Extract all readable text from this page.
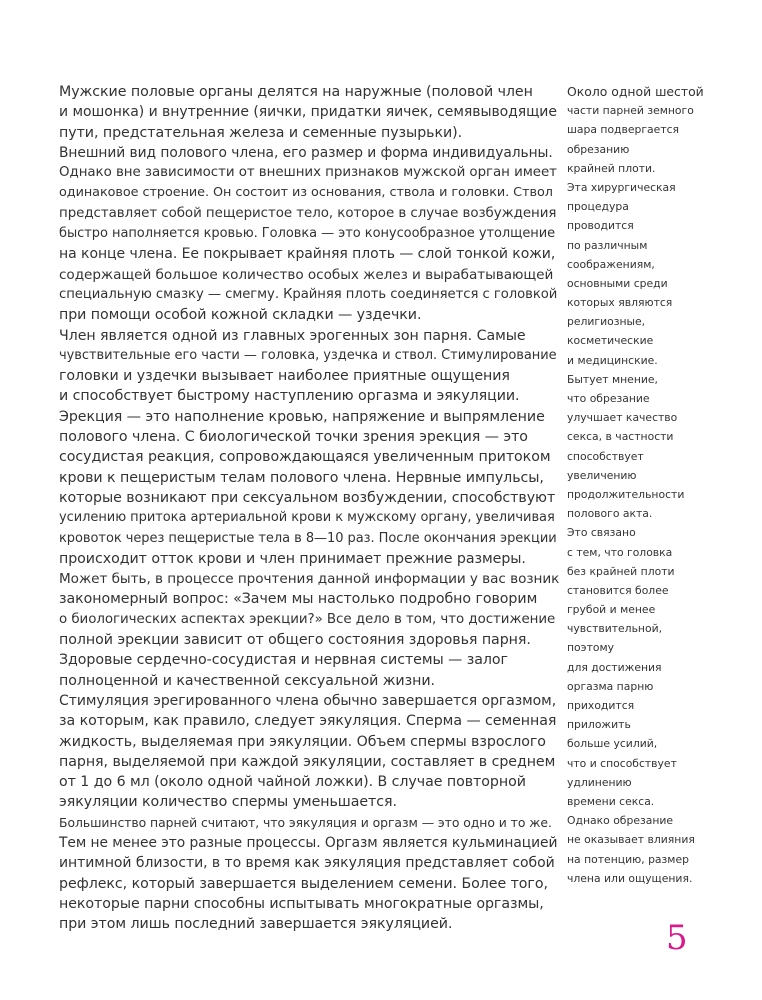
Мужские половые органы делятся на наружные (половой член
и мошонка) и внутренние (яички, придатки яичек, семявыводящие
пути, предстательная железа и семенные пузырьки).
Внешний вид полового члена, его размер и форма индивидуальны.
Однако вне зависимости от внешних признаков мужской орган имеет
одинаковое строение. Он состоит из основания, ствола и головки. Ствол
представляет собой пещеристое тело, которое в случае возбуждения
быстро наполняется кровью. Головка — это конусообразное утолщение
на конце члена. Ее покрывает крайняя плоть — слой тонкой кожи,
содержащей большое количество особых желез и вырабатывающей
специальную смазку — смегму. Крайняя плоть соединяется с головкой
при помощи особой кожной складки — уздечки.
Член является одной из главных эрогенных зон парня. Самые
чувствительные его части — головка, уздечка и ствол. Стимулирование
головки и уздечки вызывает наиболее приятные ощущения
и способствует быстрому наступлению оргазма и эякуляции.
Эрекция — это наполнение кровью, напряжение и выпрямление
полового члена. С биологической точки зрения эрекция — это
сосудистая реакция, сопровождающаяся увеличенным притоком
крови к пещеристым телам полового члена. Нервные импульсы,
которые возникают при сексуальном возбуждении, способствуют
усилению притока артериальной крови к мужскому органу, увеличивая
кровоток через пещеристые тела в 8—10 раз. После окончания эрекции
происходит отток крови и член принимает прежние размеры.
Может быть, в процессе прочтения данной информации у вас возник
закономерный вопрос: «Зачем мы настолько подробно говорим
о биологических аспектах эрекции?» Все дело в том, что достижение
полной эрекции зависит от общего состояния здоровья парня.
Здоровые сердечно-сосудистая и нервная системы — залог
полноценной и качественной сексуальной жизни.
Стимуляция эрегированного члена обычно завершается оргазмом,
за которым, как правило, следует эякуляция. Сперма — семенная
жидкость, выделяемая при эякуляции. Объем спермы взрослого
парня, выделяемой при каждой эякуляции, составляет в среднем
от 1 до 6 мл (около одной чайной ложки). В случае повторной
эякуляции количество спермы уменьшается.
Большинство парней считают, что эякуляция и оргазм — это одно и то же.
Тем не менее это разные процессы. Оргазм является кульминацией
интимной близости, в то время как эякуляция представляет собой
рефлекс, который завершается выделением семени. Более того,
некоторые парни способны испытывать многократные оргазмы,
при этом лишь последний завершается эякуляцией.
Около одной шестой
части парней земного
шара подвергается
обрезанию
крайней плоти.
Эта хирургическая
процедура
проводится
по различным
соображениям,
основными среди
которых являются
религиозные,
косметические
и медицинские.
Бытует мнение,
что обрезание
улучшает качество
секса, в частности
способствует
увеличению
продолжительности
полового акта.
Это связано
с тем, что головка
без крайней плоти
становится более
грубой и менее
чувствительной,
поэтому
для достижения
оргазма парню
приходится
приложить
больше усилий,
что и способствует
удлинению
времени секса.
Однако обрезание
не оказывает влияния
на потенцию, размер
члена или ощущения.
5
